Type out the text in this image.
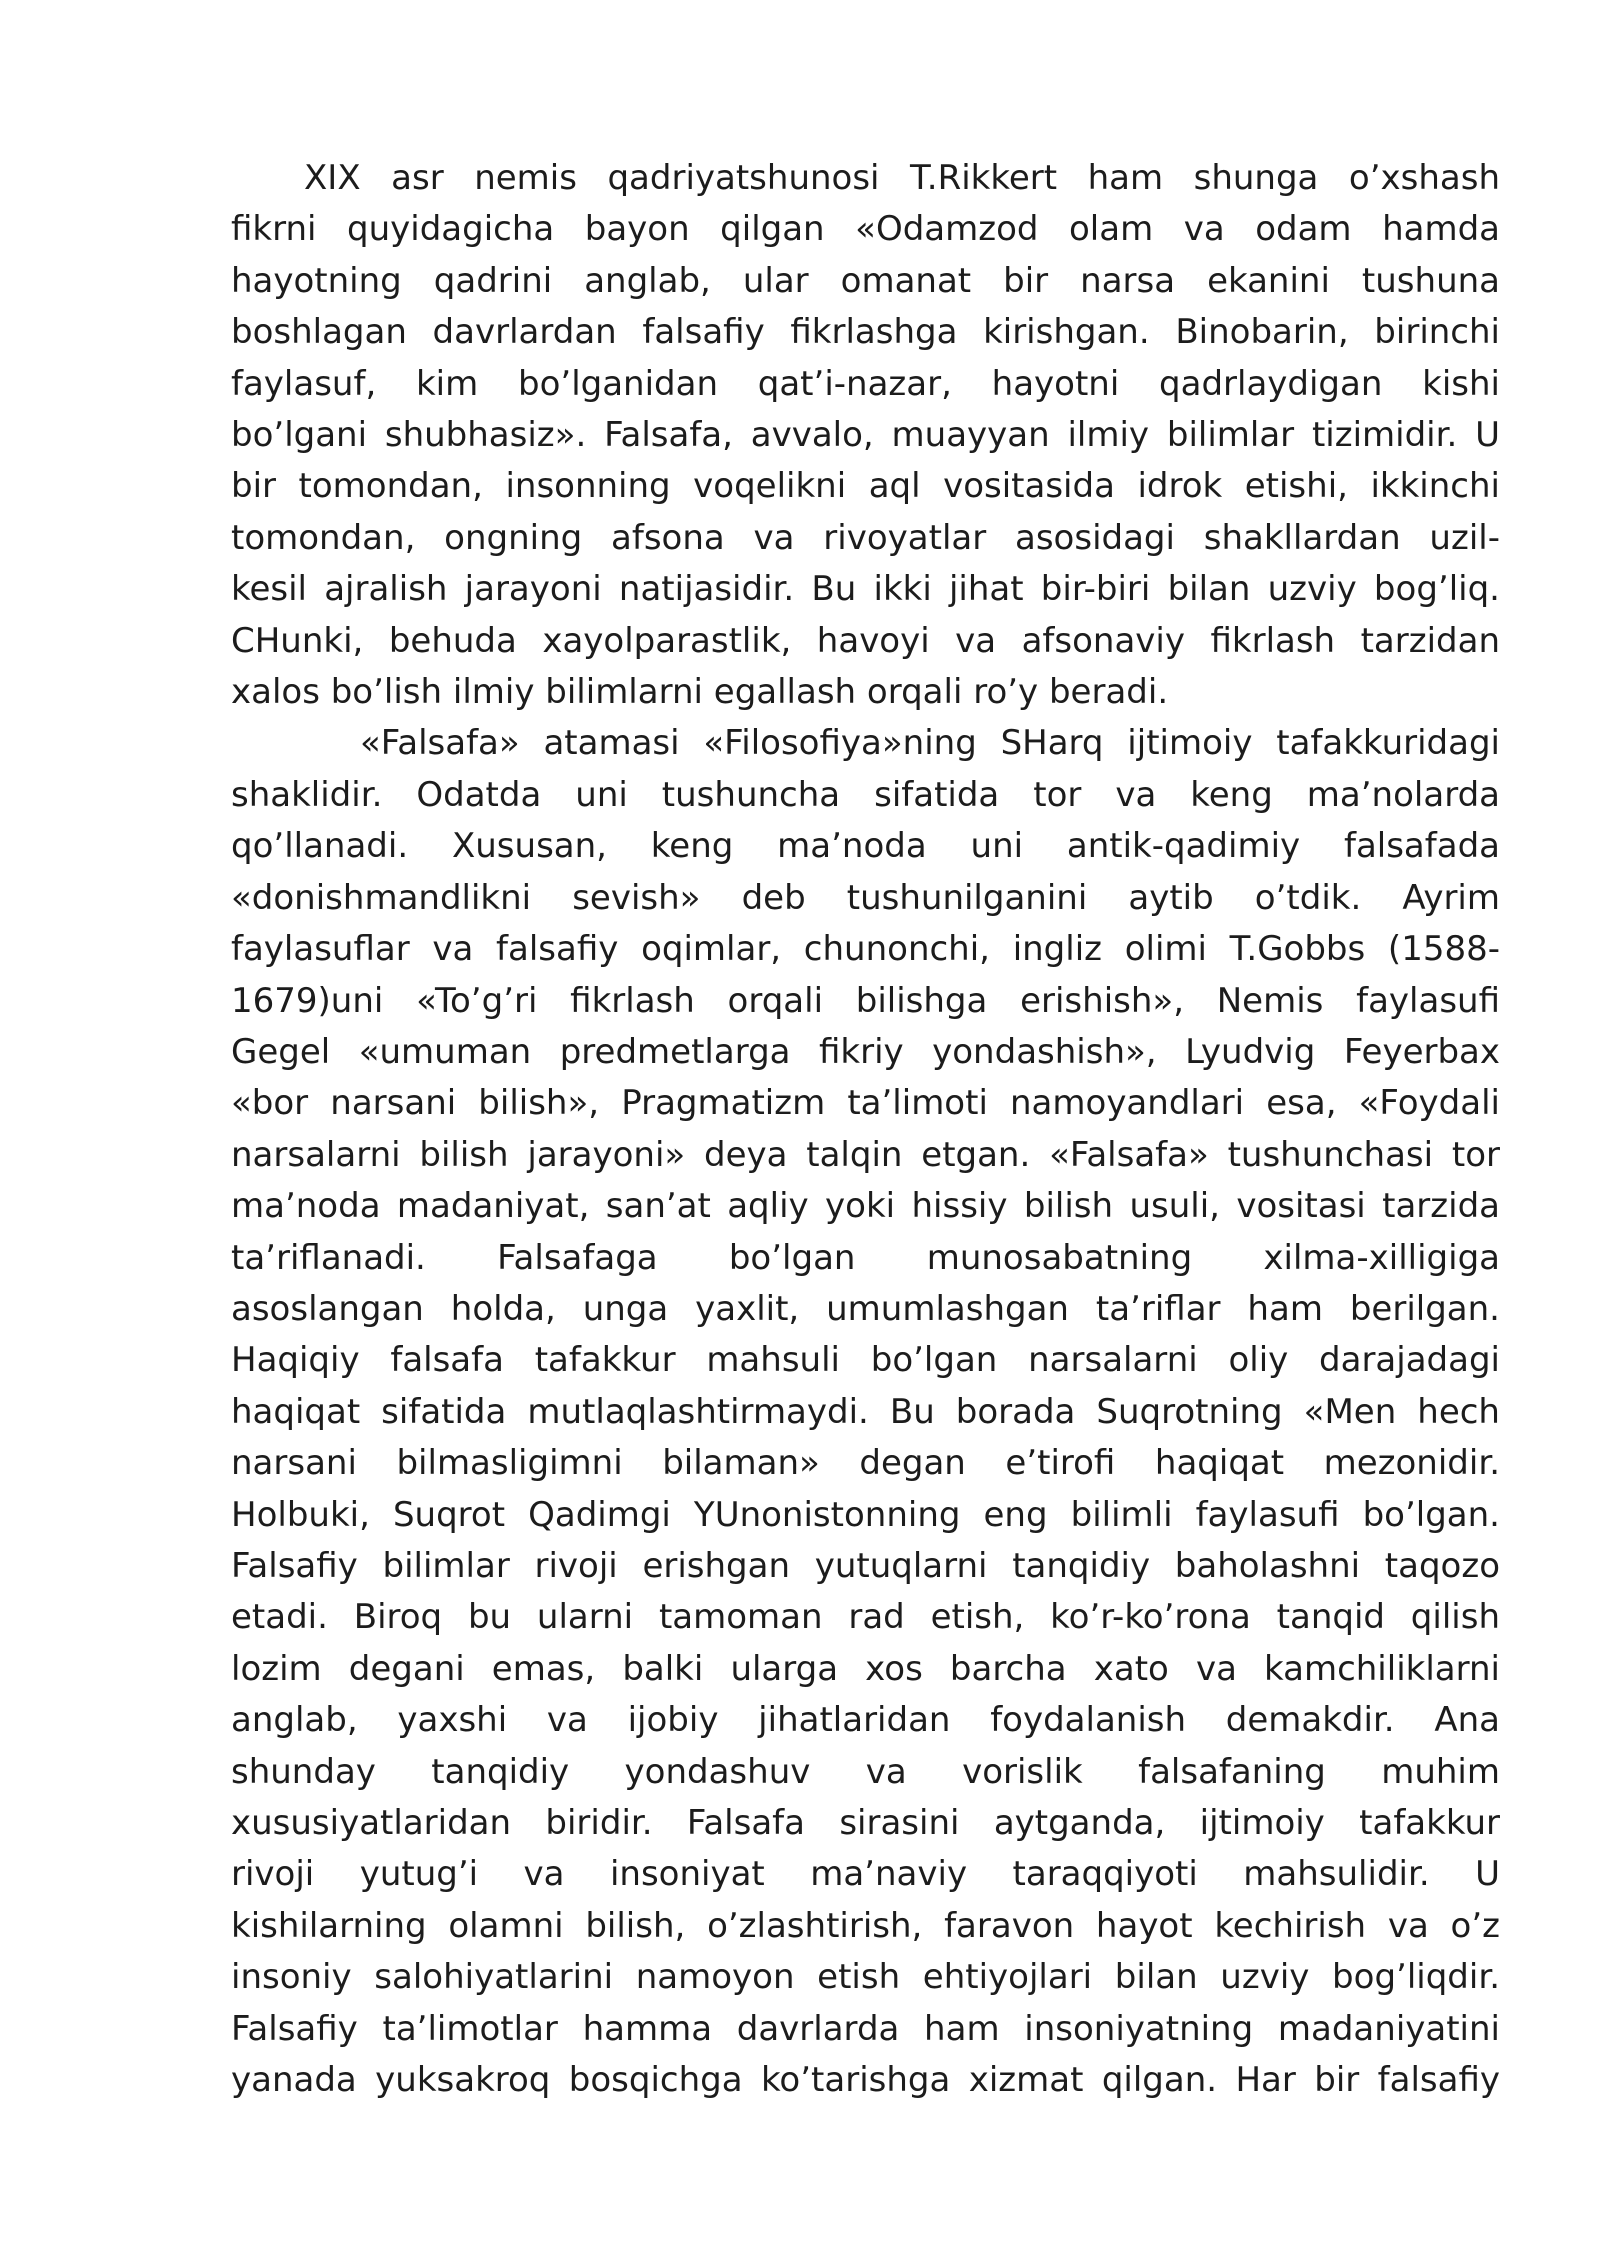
XIX asr nemis qadriyatshunosi T.Rikkert ham shunga o’xshash
fikrni quyidagicha bayon qilgan «Odamzod olam va odam hamda
hayotning qadrini anglab, ular omanat bir narsa ekanini tushuna
boshlagan davrlardan falsafiy fikrlashga kirishgan. Binobarin, birinchi
faylasuf, kim bo’lganidan qat’i-nazar, hayotni qadrlaydigan kishi
bo’lgani shubhasiz». Falsafa, avvalo, muayyan ilmiy bilimlar tizimidir. U
bir tomondan, insonning voqelikni aql vositasida idrok etishi, ikkinchi
tomondan, ongning afsona va rivoyatlar asosidagi shakllardan uzil-
kesil ajralish jarayoni natijasidir. Bu ikki jihat bir-biri bilan uzviy bog’liq.
CHunki, behuda xayolparastlik, havoyi va afsonaviy fikrlash tarzidan
xalos bo’lish ilmiy bilimlarni egallash orqali ro’y beradi.
«Falsafa» atamasi «Filosofiya»ning SHarq ijtimoiy tafakkuridagi
shaklidir. Odatda uni tushuncha sifatida tor va keng ma’nolarda
qo’llanadi. Xususan, keng ma’noda uni antik-qadimiy falsafada
«donishmandlikni sevish» deb tushunilganini aytib o’tdik. Ayrim
faylasuflar va falsafiy oqimlar, chunonchi, ingliz olimi T.Gobbs (1588-
1679)uni «To’g’ri fikrlash orqali bilishga erishish», Nemis faylasufi
Gegel «umuman predmetlarga fikriy yondashish», Lyudvig Feyerbax
«bor narsani bilish», Pragmatizm ta’limoti namoyandlari esa, «Foydali
narsalarni bilish jarayoni» deya talqin etgan. «Falsafa» tushunchasi tor
ma’noda madaniyat, san’at aqliy yoki hissiy bilish usuli, vositasi tarzida
ta’riflanadi. Falsafaga bo’lgan munosabatning xilma-xilligiga
asoslangan holda, unga yaxlit, umumlashgan ta’riflar ham berilgan.
Haqiqiy falsafa tafakkur mahsuli bo’lgan narsalarni oliy darajadagi
haqiqat sifatida mutlaqlashtirmaydi. Bu borada Suqrotning «Men hech
narsani bilmasligimni bilaman» degan e’tirofi haqiqat mezonidir.
Holbuki, Suqrot Qadimgi YUnonistonning eng bilimli faylasufi bo’lgan.
Falsafiy bilimlar rivoji erishgan yutuqlarni tanqidiy baholashni taqozo
etadi. Biroq bu ularni tamoman rad etish, ko’r-ko’rona tanqid qilish
lozim degani emas, balki ularga xos barcha xato va kamchiliklarni
anglab, yaxshi va ijobiy jihatlaridan foydalanish demakdir. Ana
shunday tanqidiy yondashuv va vorislik falsafaning muhim
xususiyatlaridan biridir. Falsafa sirasini aytganda, ijtimoiy tafakkur
rivoji yutug’i va insoniyat ma’naviy taraqqiyoti mahsulidir. U
kishilarning olamni bilish, o’zlashtirish, faravon hayot kechirish va o’z
insoniy salohiyatlarini namoyon etish ehtiyojlari bilan uzviy bog’liqdir.
Falsafiy ta’limotlar hamma davrlarda ham insoniyatning madaniyatini
yanada yuksakroq bosqichga ko’tarishga xizmat qilgan. Har bir falsafiy
